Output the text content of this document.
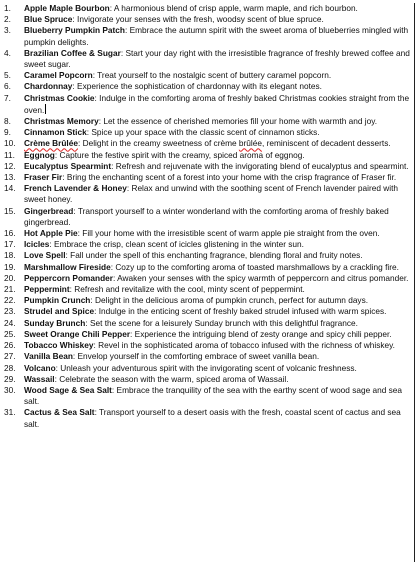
1.	Apple Maple Bourbon: A harmonious blend of crisp apple, warm maple, and rich bourbon.
2.	Blue Spruce: Invigorate your senses with the fresh, woodsy scent of blue spruce.
3.	Blueberry Pumpkin Patch: Embrace the autumn spirit with the sweet aroma of blueberries mingled with pumpkin delights.
4.	Brazilian Coffee & Sugar: Start your day right with the irresistible fragrance of freshly brewed coffee and sweet sugar.
5.	Caramel Popcorn: Treat yourself to the nostalgic scent of buttery caramel popcorn.
6.	Chardonnay: Experience the sophistication of chardonnay with its elegant notes.
7.	Christmas Cookie: Indulge in the comforting aroma of freshly baked Christmas cookies straight from the oven.
8.	Christmas Memory: Let the essence of cherished memories fill your home with warmth and joy.
9.	Cinnamon Stick: Spice up your space with the classic scent of cinnamon sticks.
10.	Crème Brûlée: Delight in the creamy sweetness of crème brûlée, reminiscent of decadent desserts.
11.	Eggnog: Capture the festive spirit with the creamy, spiced aroma of eggnog.
12.	Eucalyptus Spearmint: Refresh and rejuvenate with the invigorating blend of eucalyptus and spearmint.
13.	Fraser Fir: Bring the enchanting scent of a forest into your home with the crisp fragrance of Fraser fir.
14.	French Lavender & Honey: Relax and unwind with the soothing scent of French lavender paired with sweet honey.
15.	Gingerbread: Transport yourself to a winter wonderland with the comforting aroma of freshly baked gingerbread.
16.	Hot Apple Pie: Fill your home with the irresistible scent of warm apple pie straight from the oven.
17.	Icicles: Embrace the crisp, clean scent of icicles glistening in the winter sun.
18.	Love Spell: Fall under the spell of this enchanting fragrance, blending floral and fruity notes.
19.	Marshmallow Fireside: Cozy up to the comforting aroma of toasted marshmallows by a crackling fire.
20.	Peppercorn Pomander: Awaken your senses with the spicy warmth of peppercorn and citrus pomander.
21.	Peppermint: Refresh and revitalize with the cool, minty scent of peppermint.
22.	Pumpkin Crunch: Delight in the delicious aroma of pumpkin crunch, perfect for autumn days.
23.	Strudel and Spice: Indulge in the enticing scent of freshly baked strudel infused with warm spices.
24.	Sunday Brunch: Set the scene for a leisurely Sunday brunch with this delightful fragrance.
25.	Sweet Orange Chili Pepper: Experience the intriguing blend of zesty orange and spicy chili pepper.
26.	Tobacco Whiskey: Revel in the sophisticated aroma of tobacco infused with the richness of whiskey.
27.	Vanilla Bean: Envelop yourself in the comforting embrace of sweet vanilla bean.
28.	Volcano: Unleash your adventurous spirit with the invigorating scent of volcanic freshness.
29.	Wassail: Celebrate the season with the warm, spiced aroma of Wassail.
30.	Wood Sage & Sea Salt: Embrace the tranquility of the sea with the earthy scent of wood sage and sea salt.
31.	Cactus & Sea Salt: Transport yourself to a desert oasis with the fresh, coastal scent of cactus and sea salt.
